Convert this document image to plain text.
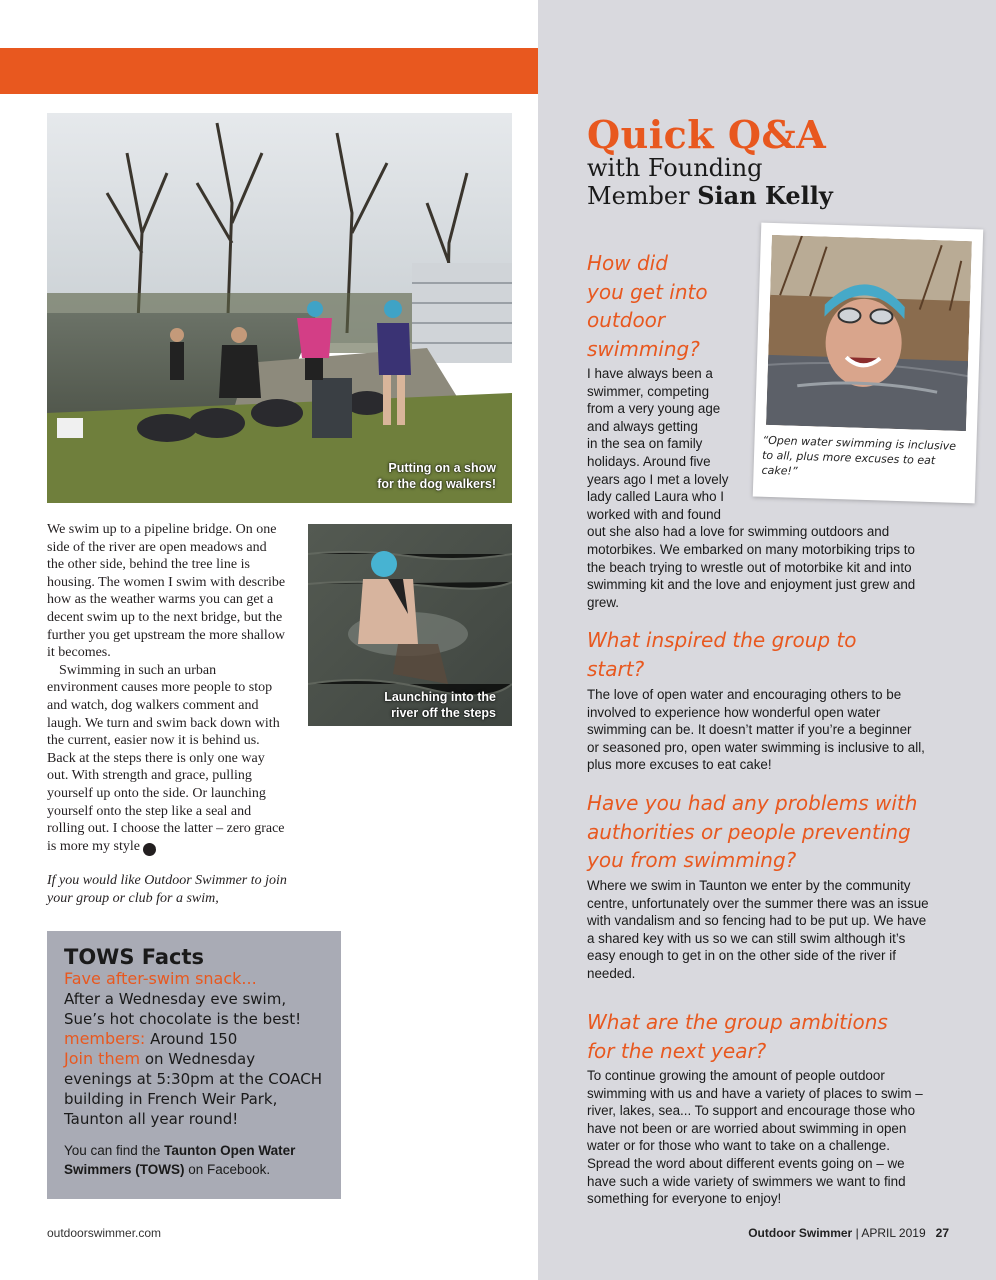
Putting on a show
for the dog walkers!
Launching into the
river off the steps

We swim up to a pipeline bridge. On one side of the river are open meadows and the other side, behind the tree line is housing. The women I swim with describe how as the weather warms you can get a decent swim up to the next bridge, but the further you get upstream the more shallow it becomes.

Swimming in such an urban environment causes more people to stop and watch, dog walkers comment and laugh. We turn and swim back down with the current, easier now it is behind us. Back at the steps there is only one way out. With strength and grace, pulling yourself up onto the side. Or launching yourself onto the step like a seal and rolling out. I choose the latter – zero grace is more my style OS

If you would like Outdoor Swimmer to join your group or club for a swim,
TOWS Facts
Fave after-swim snack...
After a Wednesday eve swim, Sue’s hot chocolate is the best!
members: Around 150
Join them on Wednesday evenings at 5:30pm at the COACH building in French Weir Park, Taunton all year round!
You can find the Taunton Open Water Swimmers (TOWS) on Facebook.
Quick Q&A
with Founding
Member Sian Kelly
“Open water swimming is inclusive to all, plus more excuses to eat cake!”
How did
you get into
outdoor
swimming?
I have always been a
swimmer, competing
from a very young age
and always getting
in the sea on family
holidays. Around five
years ago I met a lovely
lady called Laura who I
worked with and found
out she also had a love for swimming outdoors and motorbikes. We embarked on many motorbiking trips to the beach trying to wrestle out of motorbike kit and into swimming kit and the love and enjoyment just grew and grew.
What inspired the group to
start?
The love of open water and encouraging others to be involved to experience how wonderful open water swimming can be. It doesn’t matter if you’re a beginner or seasoned pro, open water swimming is inclusive to all, plus more excuses to eat cake!
Have you had any problems with
authorities or people preventing
you from swimming?
Where we swim in Taunton we enter by the community centre, unfortunately over the summer there was an issue with vandalism and so fencing had to be put up. We have a shared key with us so we can still swim although it’s easy enough to get in on the other side of the river if needed.
What are the group ambitions
for the next year?
To continue growing the amount of people outdoor swimming with us and have a variety of places to swim – river, lakes, sea... To support and encourage those who have not been or are worried about swimming in open water or for those who want to take on a challenge. Spread the word about different events going on – we have such a wide variety of swimmers we want to find something for everyone to enjoy!
outdoorswimmer.com	Outdoor Swimmer | APRIL 2019 27
